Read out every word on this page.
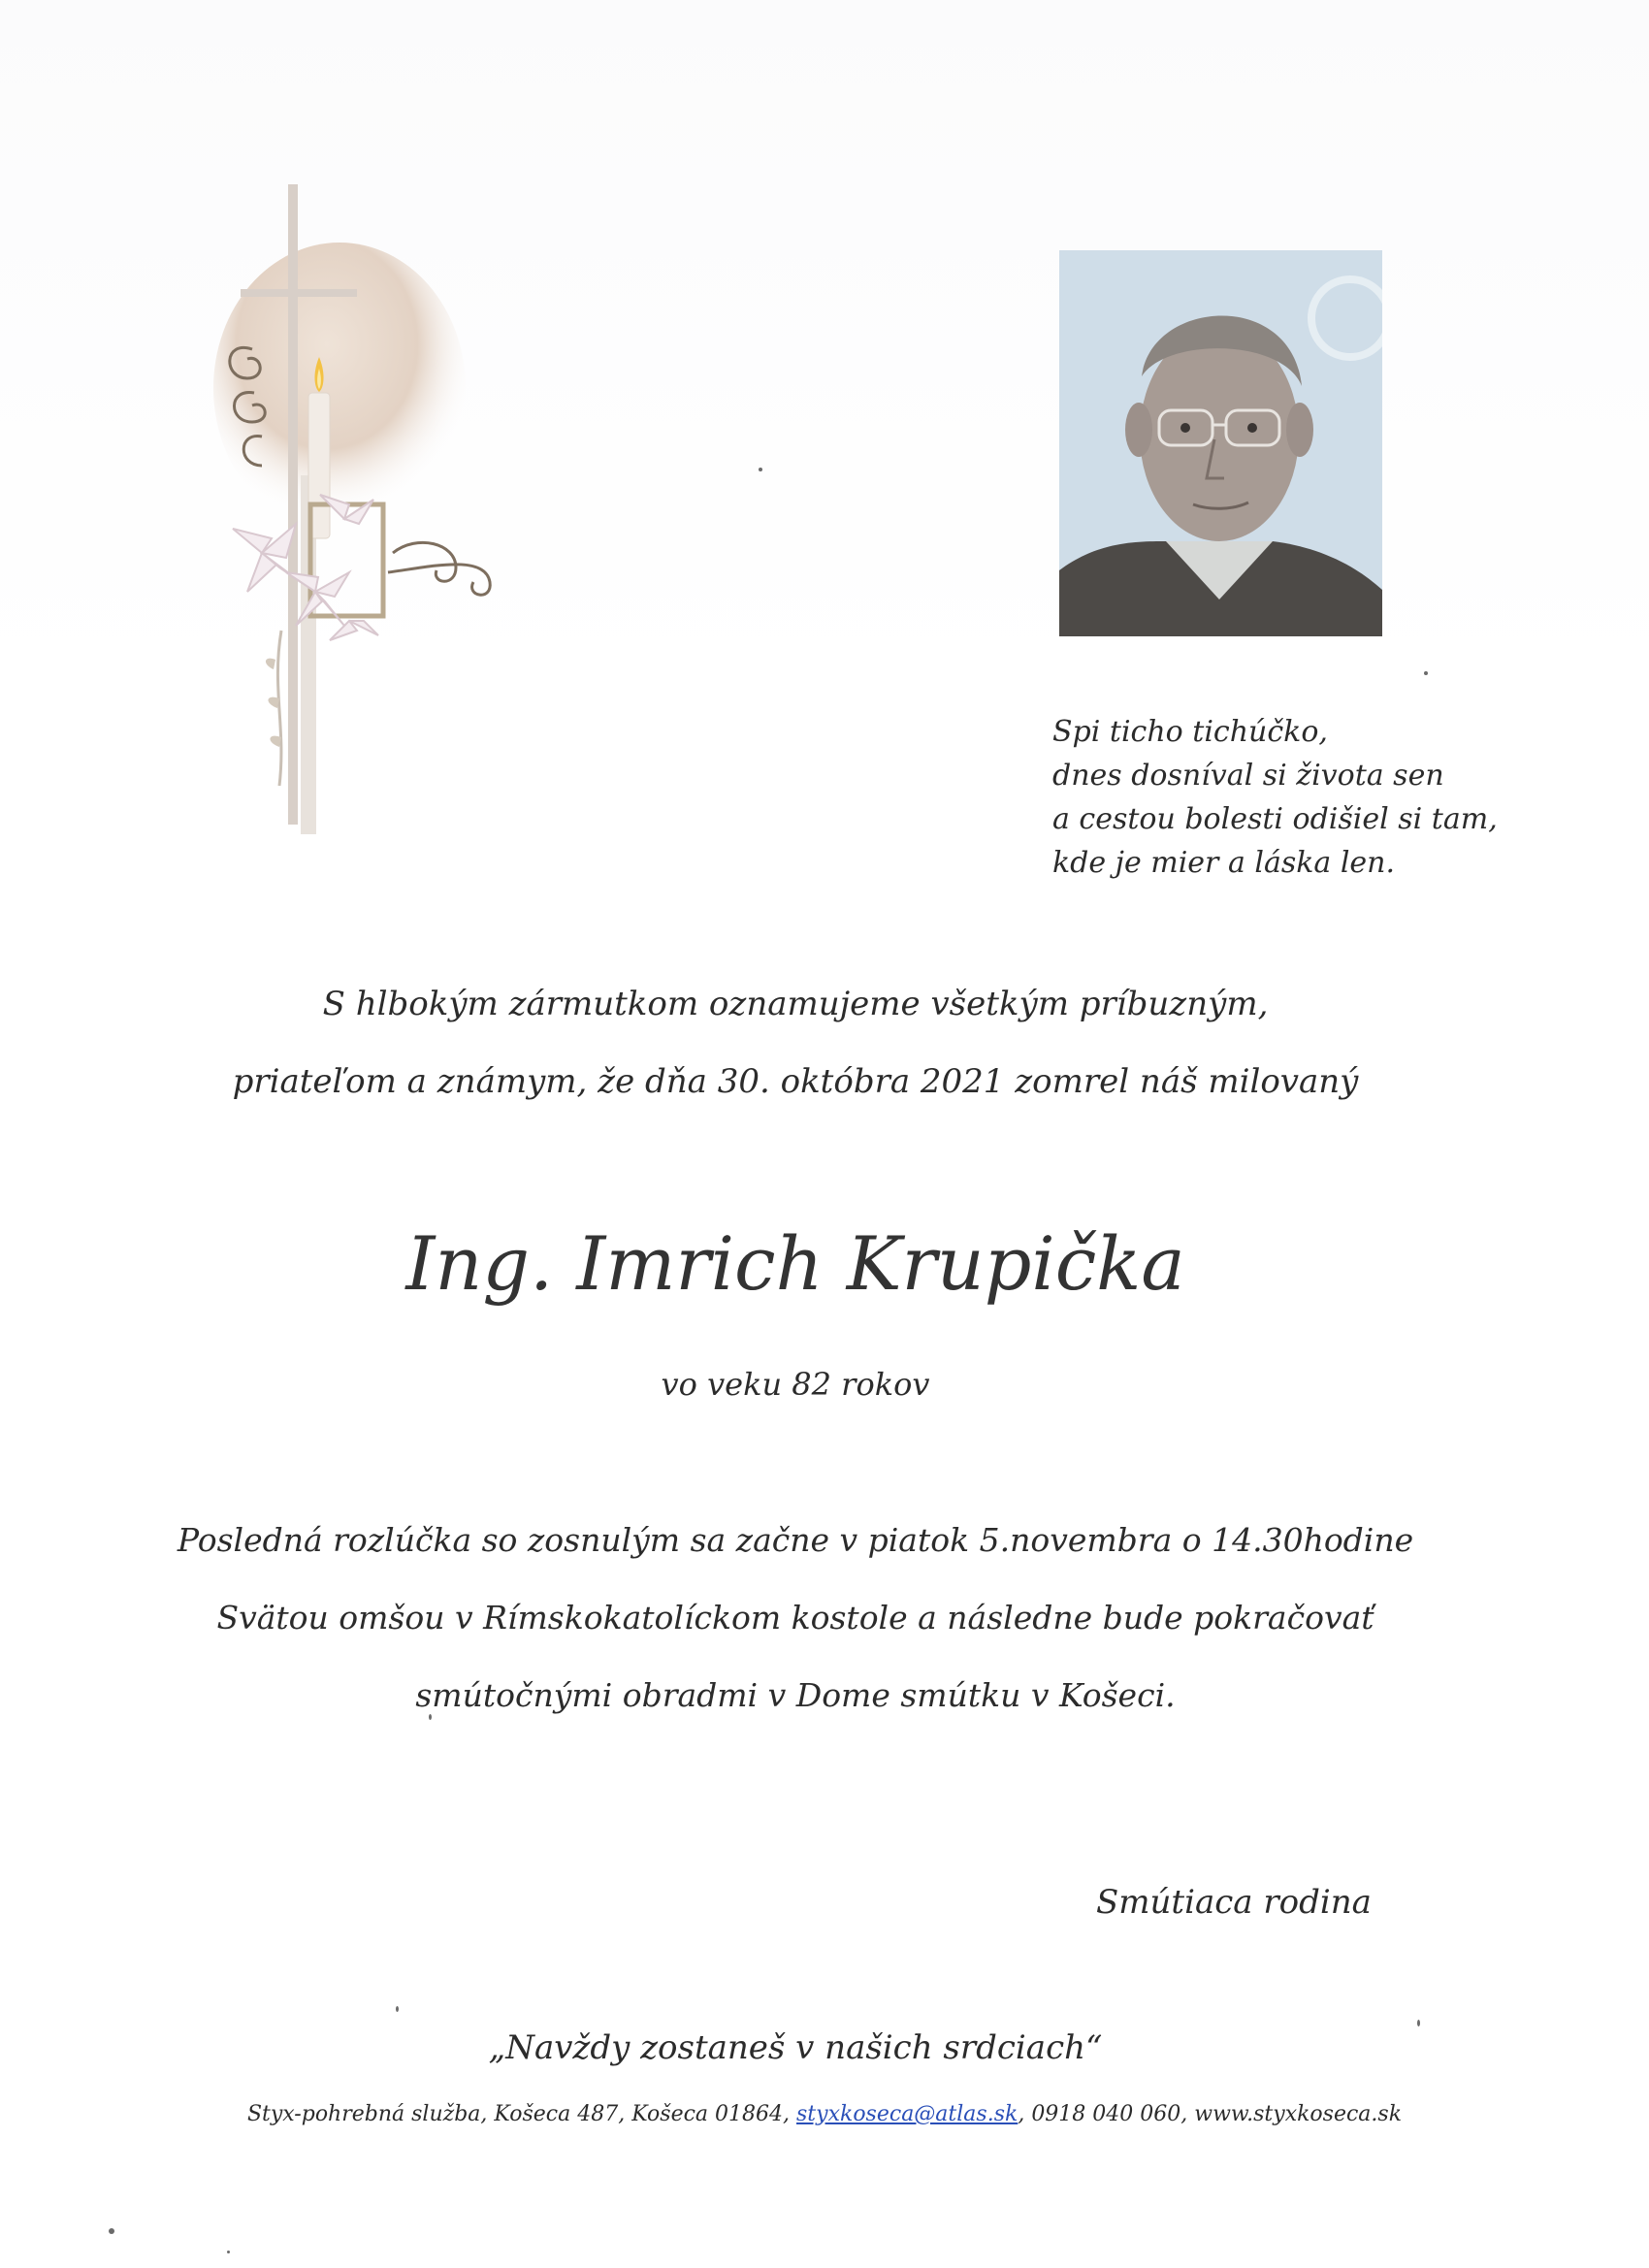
Spi ticho tichúčko,
dnes dosníval si života sen
a cestou bolesti odišiel si tam,
kde je mier a láska len.
S hlbokým zármutkom oznamujeme všetkým príbuzným,
priateľom a známym, že dňa 30. októbra 2021 zomrel náš milovaný
Ing. Imrich Krupička
vo veku 82 rokov
Posledná rozlúčka so zosnulým sa začne v piatok 5.novembra o 14.30hodine
Svätou omšou v Rímskokatolíckom kostole a následne bude pokračovať
smútočnými obradmi v Dome smútku v Košeci.
Smútiaca rodina
„Navždy zostaneš v našich srdciach“
Styx-pohrebná služba, Košeca 487, Košeca 01864, styxkoseca@atlas.sk, 0918 040 060, www.styxkoseca.sk
